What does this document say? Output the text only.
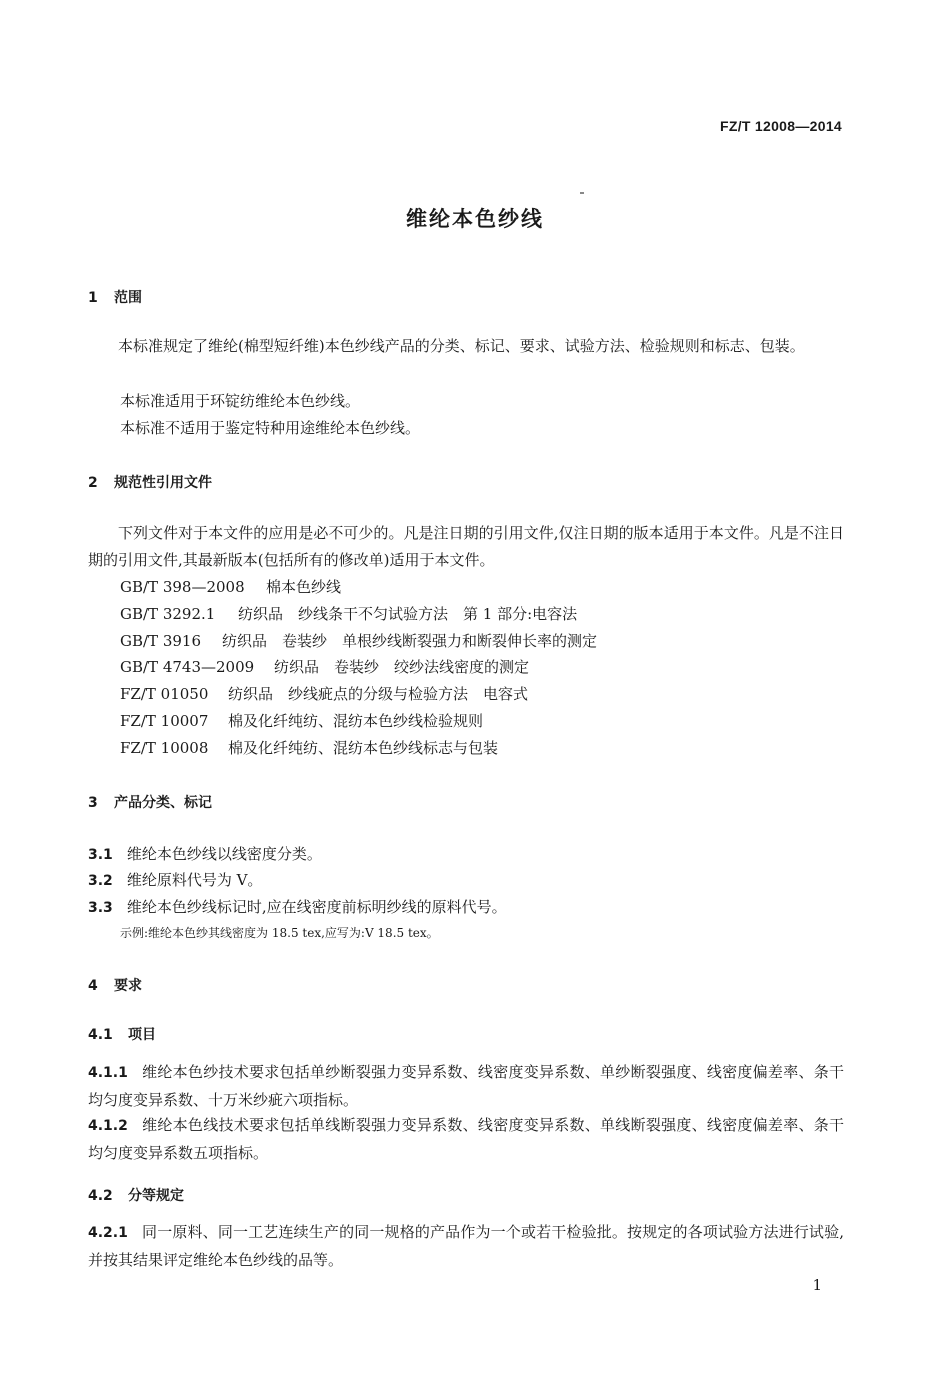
FZ/T 12008—2014
维纶本色纱线
1 范围
本标准规定了维纶(棉型短纤维)本色纱线产品的分类、标记、要求、试验方法、检验规则和标志、包装。
本标准适用于环锭纺维纶本色纱线。
本标准不适用于鉴定特种用途维纶本色纱线。
2 规范性引用文件
下列文件对于本文件的应用是必不可少的。凡是注日期的引用文件,仅注日期的版本适用于本文件。凡是不注日期的引用文件,其最新版本(包括所有的修改单)适用于本文件。
GB/T 398—2008 棉本色纱线
GB/T 3292.1 纺织品　纱线条干不匀试验方法　第 1 部分:电容法
GB/T 3916 纺织品　卷装纱　单根纱线断裂强力和断裂伸长率的测定
GB/T 4743—2009 纺织品　卷装纱　绞纱法线密度的测定
FZ/T 01050 纺织品　纱线疵点的分级与检验方法　电容式
FZ/T 10007 棉及化纤纯纺、混纺本色纱线检验规则
FZ/T 10008 棉及化纤纯纺、混纺本色纱线标志与包装
3 产品分类、标记
3.1 维纶本色纱线以线密度分类。
3.2 维纶原料代号为 V。
3.3 维纶本色纱线标记时,应在线密度前标明纱线的原料代号。
示例:维纶本色纱其线密度为 18.5 tex,应写为:V 18.5 tex。
4 要求
4.1 项目
4.1.1 维纶本色纱技术要求包括单纱断裂强力变异系数、线密度变异系数、单纱断裂强度、线密度偏差率、条干均匀度变异系数、十万米纱疵六项指标。
4.1.2 维纶本色线技术要求包括单线断裂强力变异系数、线密度变异系数、单线断裂强度、线密度偏差率、条干均匀度变异系数五项指标。
4.2 分等规定
4.2.1 同一原料、同一工艺连续生产的同一规格的产品作为一个或若干检验批。按规定的各项试验方法进行试验,并按其结果评定维纶本色纱线的品等。
1
